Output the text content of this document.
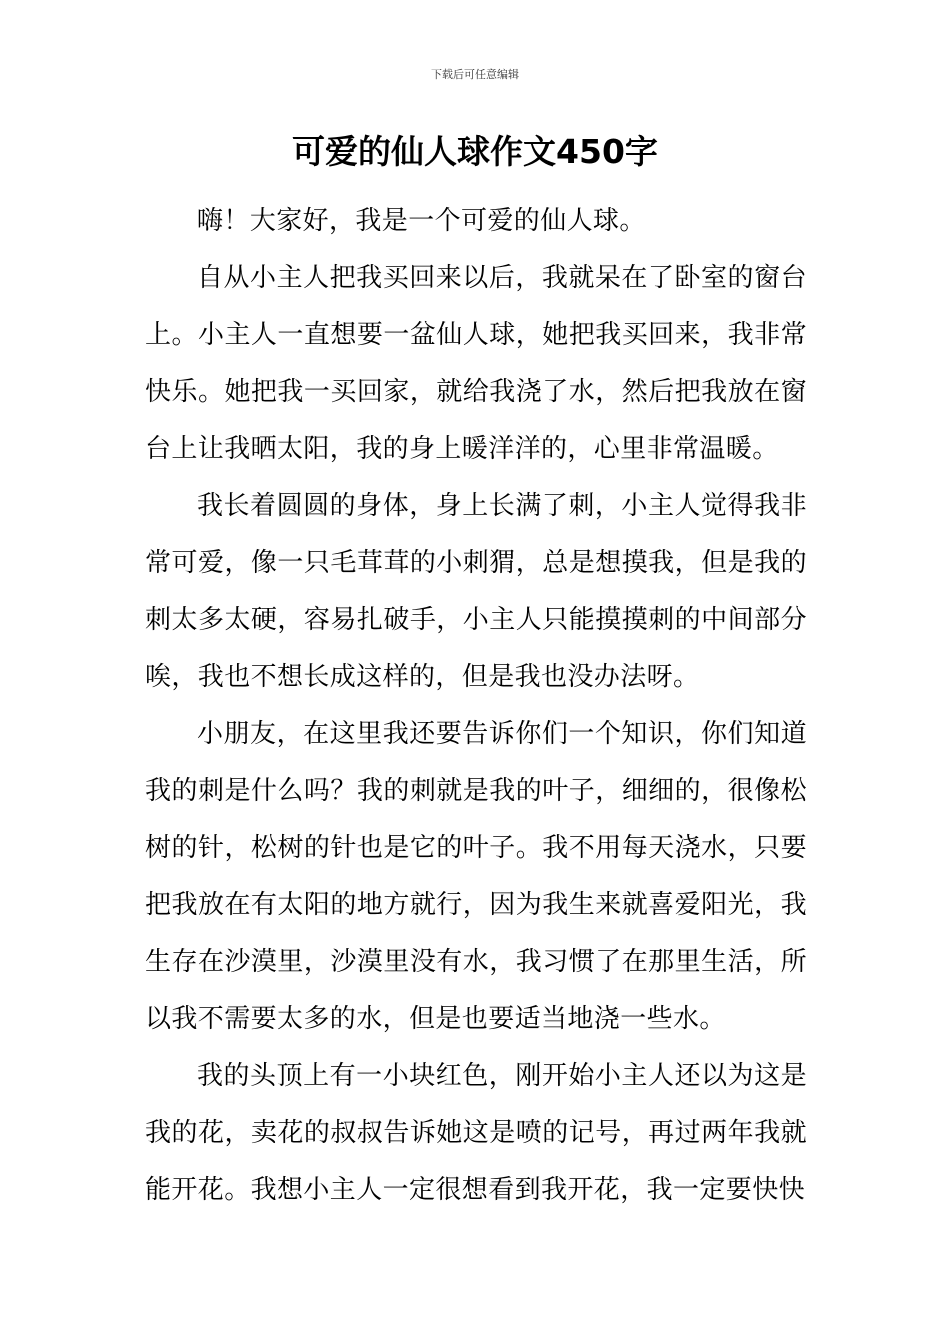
下载后可任意编辑
可爱的仙人球作文450字

嗨！大家好，我是一个可爱的仙人球。

自从小主人把我买回来以后，我就呆在了卧室的窗台上。小主人一直想要一盆仙人球，她把我买回来，我非常快乐。她把我一买回家，就给我浇了水，然后把我放在窗台上让我晒太阳，我的身上暖洋洋的，心里非常温暖。

我长着圆圆的身体，身上长满了刺，小主人觉得我非常可爱，像一只毛茸茸的小刺猬，总是想摸我，但是我的刺太多太硬，容易扎破手，小主人只能摸摸刺的中间部分唉，我也不想长成这样的，但是我也没办法呀。

小朋友，在这里我还要告诉你们一个知识，你们知道我的刺是什么吗？我的刺就是我的叶子，细细的，很像松树的针，松树的针也是它的叶子。我不用每天浇水，只要把我放在有太阳的地方就行，因为我生来就喜爱阳光，我生存在沙漠里，沙漠里没有水，我习惯了在那里生活，所以我不需要太多的水，但是也要适当地浇一些水。

我的头顶上有一小块红色，刚开始小主人还以为这是我的花，卖花的叔叔告诉她这是喷的记号，再过两年我就能开花。我想小主人一定很想看到我开花，我一定要快快
